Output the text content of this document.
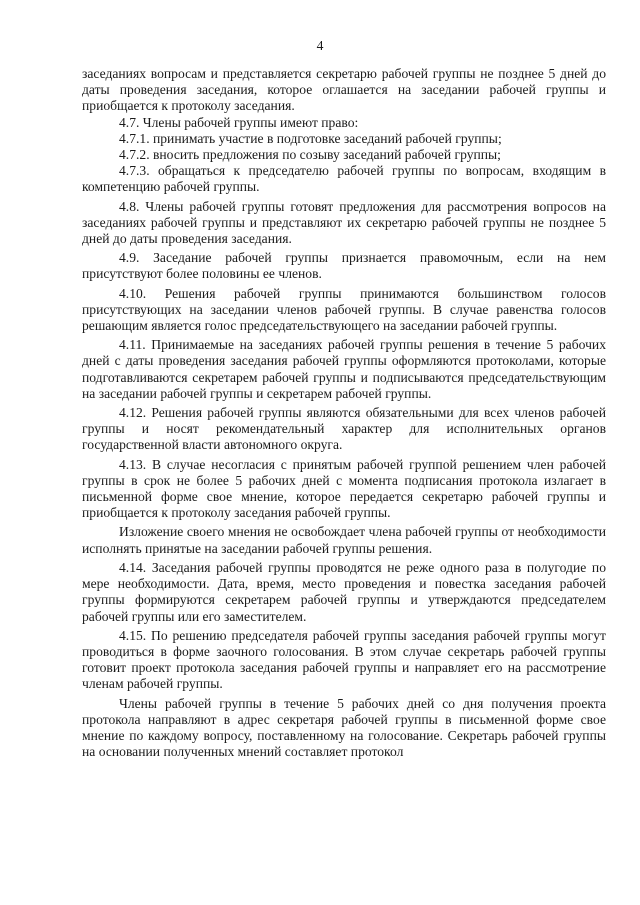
4

заседаниях вопросам и представляется секретарю рабочей группы не позднее 5 дней до даты проведения заседания, которое оглашается на заседании рабочей группы и приобщается к протоколу заседания.

4.7. Члены рабочей группы имеют право:

4.7.1. принимать участие в подготовке заседаний рабочей группы;

4.7.2. вносить предложения по созыву заседаний рабочей группы;

4.7.3. обращаться к председателю рабочей группы по вопросам, входящим в компетенцию рабочей группы.

4.8. Члены рабочей группы готовят предложения для рассмотрения вопросов на заседаниях рабочей группы и представляют их секретарю рабочей группы не позднее 5 дней до даты проведения заседания.

4.9. Заседание рабочей группы признается правомочным, если на нем присутствуют более половины ее членов.

4.10. Решения рабочей группы принимаются большинством голосов присутствующих на заседании членов рабочей группы. В случае равенства голосов решающим является голос председательствующего на заседании рабочей группы.

4.11. Принимаемые на заседаниях рабочей группы решения в течение 5 рабочих дней с даты проведения заседания рабочей группы оформляются протоколами, которые подготавливаются секретарем рабочей группы и подписываются председательствующим на заседании рабочей группы и секретарем рабочей группы.

4.12. Решения рабочей группы являются обязательными для всех членов рабочей группы и носят рекомендательный характер для исполнительных органов государственной власти автономного округа.

4.13. В случае несогласия с принятым рабочей группой решением член рабочей группы в срок не более 5 рабочих дней с момента подписания протокола излагает в письменной форме свое мнение, которое передается секретарю рабочей группы и приобщается к протоколу заседания рабочей группы.

Изложение своего мнения не освобождает члена рабочей группы от необходимости исполнять принятые на заседании рабочей группы решения.

4.14. Заседания рабочей группы проводятся не реже одного раза в полугодие по мере необходимости. Дата, время, место проведения и повестка заседания рабочей группы формируются секретарем рабочей группы и утверждаются председателем рабочей группы или его заместителем.

4.15. По решению председателя рабочей группы заседания рабочей группы могут проводиться в форме заочного голосования. В этом случае секретарь рабочей группы готовит проект протокола заседания рабочей группы и направляет его на рассмотрение членам рабочей группы.

Члены рабочей группы в течение 5 рабочих дней со дня получения проекта протокола направляют в адрес секретаря рабочей группы в письменной форме свое мнение по каждому вопросу, поставленному на голосование. Секретарь рабочей группы на основании полученных мнений составляет протокол
